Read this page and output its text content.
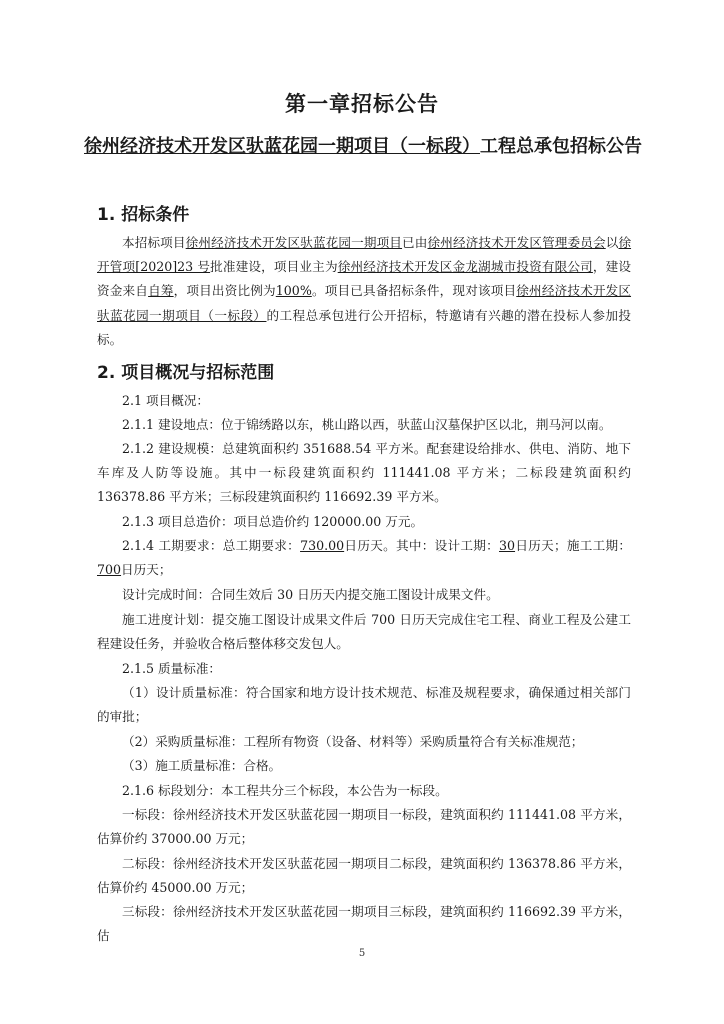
第一章招标公告
徐州经济技术开发区驮蓝花园一期项目（一标段）工程总承包招标公告
1. 招标条件
本招标项目徐州经济技术开发区驮蓝花园一期项目已由徐州经济技术开发区管理委员会以徐开管项[2020]23 号批准建设，项目业主为徐州经济技术开发区金龙湖城市投资有限公司，建设资金来自自筹，项目出资比例为100%。项目已具备招标条件，现对该项目徐州经济技术开发区驮蓝花园一期项目（一标段）的工程总承包进行公开招标，特邀请有兴趣的潜在投标人参加投标。
2. 项目概况与招标范围
2.1 项目概况：
2.1.1 建设地点：位于锦绣路以东，桃山路以西，驮蓝山汉墓保护区以北，荆马河以南。
2.1.2 建设规模：总建筑面积约 351688.54 平方米。配套建设给排水、供电、消防、地下车库及人防等设施。其中一标段建筑面积约 111441.08 平方米；二标段建筑面积约 136378.86 平方米；三标段建筑面积约 116692.39 平方米。
2.1.3 项目总造价：项目总造价约 120000.00 万元。
2.1.4 工期要求：总工期要求：730.00日历天。其中：设计工期：30日历天；施工工期：700日历天；
设计完成时间：合同生效后 30 日历天内提交施工图设计成果文件。
施工进度计划：提交施工图设计成果文件后 700 日历天完成住宅工程、商业工程及公建工程建设任务，并验收合格后整体移交发包人。
2.1.5 质量标准：
（1）设计质量标准：符合国家和地方设计技术规范、标准及规程要求，确保通过相关部门的审批；
（2）采购质量标准：工程所有物资（设备、材料等）采购质量符合有关标准规范；
（3）施工质量标准：合格。
2.1.6 标段划分：本工程共分三个标段，本公告为一标段。
一标段：徐州经济技术开发区驮蓝花园一期项目一标段，建筑面积约 111441.08 平方米，估算价约 37000.00 万元；
二标段：徐州经济技术开发区驮蓝花园一期项目二标段，建筑面积约 136378.86 平方米，估算价约 45000.00 万元；
三标段：徐州经济技术开发区驮蓝花园一期项目三标段，建筑面积约 116692.39 平方米，估
5
